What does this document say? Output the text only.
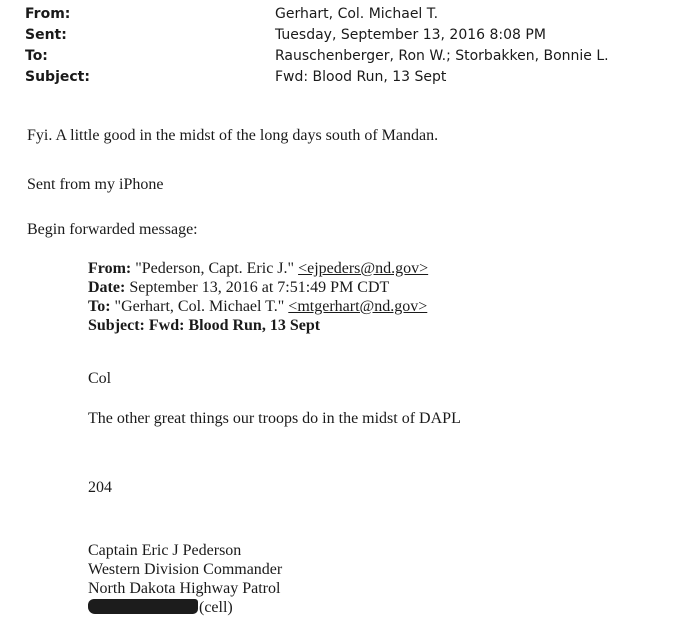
From:	Gerhart, Col. Michael T.
Sent:	Tuesday, September 13, 2016 8:08 PM
To:	Rauschenberger, Ron W.; Storbakken, Bonnie L.
Subject:	Fwd: Blood Run, 13 Sept
Fyi. A little good in the midst of the long days south of Mandan.
Sent from my iPhone
Begin forwarded message:
From: "Pederson, Capt. Eric J." <ejpeders@nd.gov>
Date: September 13, 2016 at 7:51:49 PM CDT
To: "Gerhart, Col. Michael T." <mtgerhart@nd.gov>
Subject: Fwd: Blood Run, 13 Sept
Col
The other great things our troops do in the midst of DAPL
204
Captain Eric J Pederson
Western Division Commander
North Dakota Highway Patrol
(cell)
